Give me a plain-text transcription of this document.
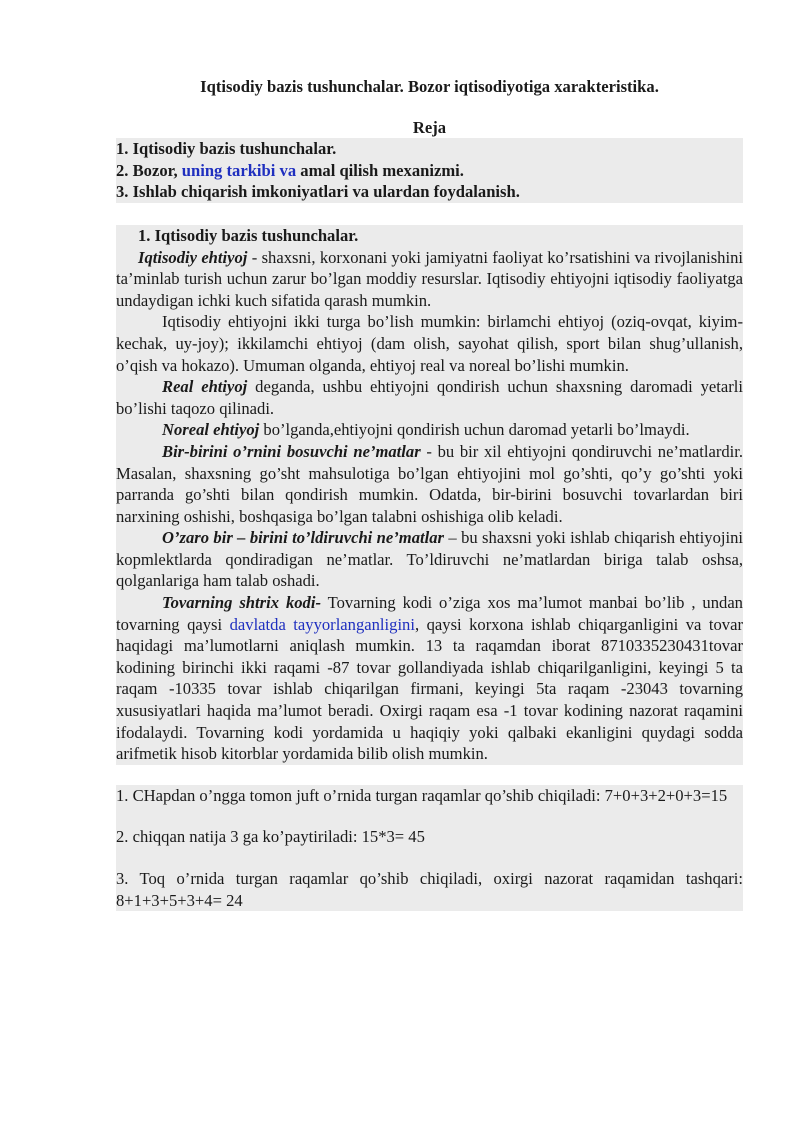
Iqtisodiy bazis tushunchalar. Bozor iqtisodiyotiga xarakteristika.

Reja

1. Iqtisodiy bazis tushunchalar.

2. Bozor, uning tarkibi va amal qilish mexanizmi.

3. Ishlab chiqarish imkoniyatlari va ulardan foydalanish.

1. Iqtisodiy bazis tushunchalar.

Iqtisodiy ehtiyoj - shaxsni, korxonani yoki jamiyatni faoliyat ko’rsatishini va rivojlanishini ta’minlab turish uchun zarur bo’lgan moddiy resurslar. Iqtisodiy ehtiyojni iqtisodiy faoliyatga undaydigan ichki kuch sifatida qarash mumkin.

Iqtisodiy ehtiyojni ikki turga bo’lish mumkin: birlamchi ehtiyoj (oziq-ovqat, kiyim-kechak, uy-joy); ikkilamchi ehtiyoj (dam olish, sayohat qilish, sport bilan shug’ullanish, o’qish va hokazo). Umuman olganda, ehtiyoj real va noreal bo’lishi mumkin.

Real ehtiyoj deganda, ushbu ehtiyojni qondirish uchun shaxsning daromadi yetarli bo’lishi taqozo qilinadi.

Noreal ehtiyoj bo’lganda,ehtiyojni qondirish uchun daromad yetarli bo’lmaydi.

Bir-birini o’rnini bosuvchi ne’matlar - bu bir xil ehtiyojni qondiruvchi ne’matlardir. Masalan, shaxsning go’sht mahsulotiga bo’lgan ehtiyojini mol go’shti, qo’y go’shti yoki parranda go’shti bilan qondirish mumkin. Odatda, bir-birini bosuvchi tovarlardan biri narxining oshishi, boshqasiga bo’lgan talabni oshishiga olib keladi.

O’zaro bir – birini to’ldiruvchi ne’matlar – bu shaxsni yoki ishlab chiqarish ehtiyojini kopmlektlarda qondiradigan ne’matlar. To’ldiruvchi ne’matlardan biriga talab oshsa, qolganlariga ham talab oshadi.

Tovarning shtrix kodi- Tovarning kodi o’ziga xos ma’lumot manbai bo’lib , undan tovarning qaysi davlatda tayyorlanganligini, qaysi korxona ishlab chiqarganligini va tovar haqidagi ma’lumotlarni aniqlash mumkin. 13 ta raqamdan iborat 8710335230431tovar kodining birinchi ikki raqami -87 tovar gollandiyada ishlab chiqarilganligini, keyingi 5 ta raqam -10335 tovar ishlab chiqarilgan firmani, keyingi 5ta raqam -23043 tovarning xususiyatlari haqida ma’lumot beradi. Oxirgi raqam esa -1 tovar kodining nazorat raqamini ifodalaydi. Tovarning kodi yordamida u haqiqiy yoki qalbaki ekanligini quydagi sodda arifmetik hisob kitorblar yordamida bilib olish mumkin.

1. CHapdan o’ngga tomon juft o’rnida turgan raqamlar qo’shib chiqiladi: 7+0+3+2+0+3=15

2. chiqqan natija 3 ga ko’paytiriladi: 15*3= 45

3. Toq o’rnida turgan raqamlar qo’shib chiqiladi, oxirgi nazorat raqamidan tashqari: 8+1+3+5+3+4= 24
